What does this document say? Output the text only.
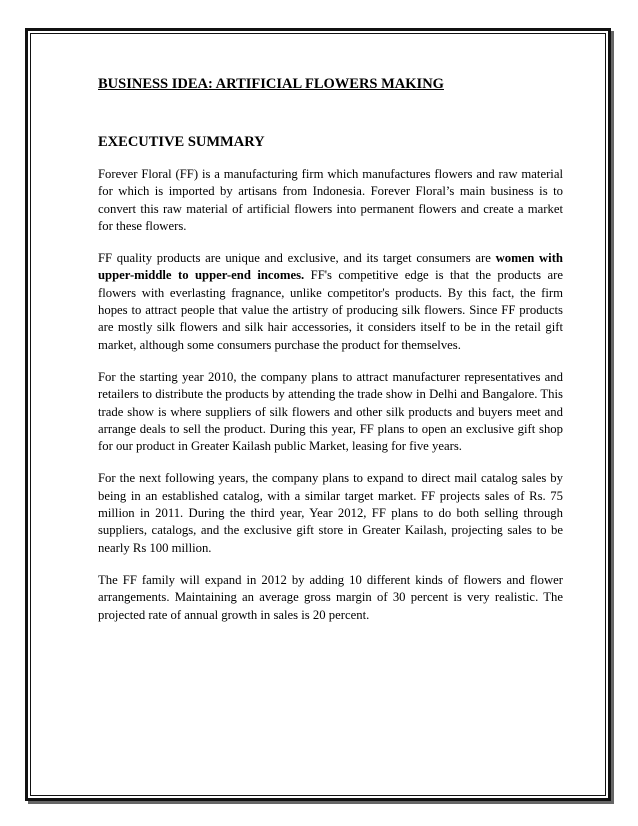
BUSINESS IDEA: ARTIFICIAL FLOWERS MAKING
EXECUTIVE SUMMARY

Forever Floral (FF) is a manufacturing firm which manufactures flowers and raw material for which is imported by artisans from Indonesia. Forever Floral’s main business is to convert this raw material of artificial flowers into permanent flowers and create a market for these flowers.

FF quality products are unique and exclusive, and its target consumers are women with upper-middle to upper-end incomes. FF's competitive edge is that the products are flowers with everlasting fragnance, unlike competitor's products. By this fact, the firm hopes to attract people that value the artistry of producing silk flowers. Since FF products are mostly silk flowers and silk hair accessories, it considers itself to be in the retail gift market, although some consumers purchase the product for themselves.

For the starting year 2010, the company plans to attract manufacturer representatives and retailers to distribute the products by attending the trade show in Delhi and Bangalore. This trade show is where suppliers of silk flowers and other silk products and buyers meet and arrange deals to sell the product. During this year, FF plans to open an exclusive gift shop for our product in Greater Kailash public Market, leasing for five years.

For the next following years, the company plans to expand to direct mail catalog sales by being in an established catalog, with a similar target market. FF projects sales of Rs. 75 million in 2011. During the third year, Year 2012, FF plans to do both selling through suppliers, catalogs, and the exclusive gift store in Greater Kailash, projecting sales to be nearly Rs 100 million.

The FF family will expand in 2012 by adding 10 different kinds of flowers and flower arrangements. Maintaining an average gross margin of 30 percent is very realistic. The projected rate of annual growth in sales is 20 percent.
